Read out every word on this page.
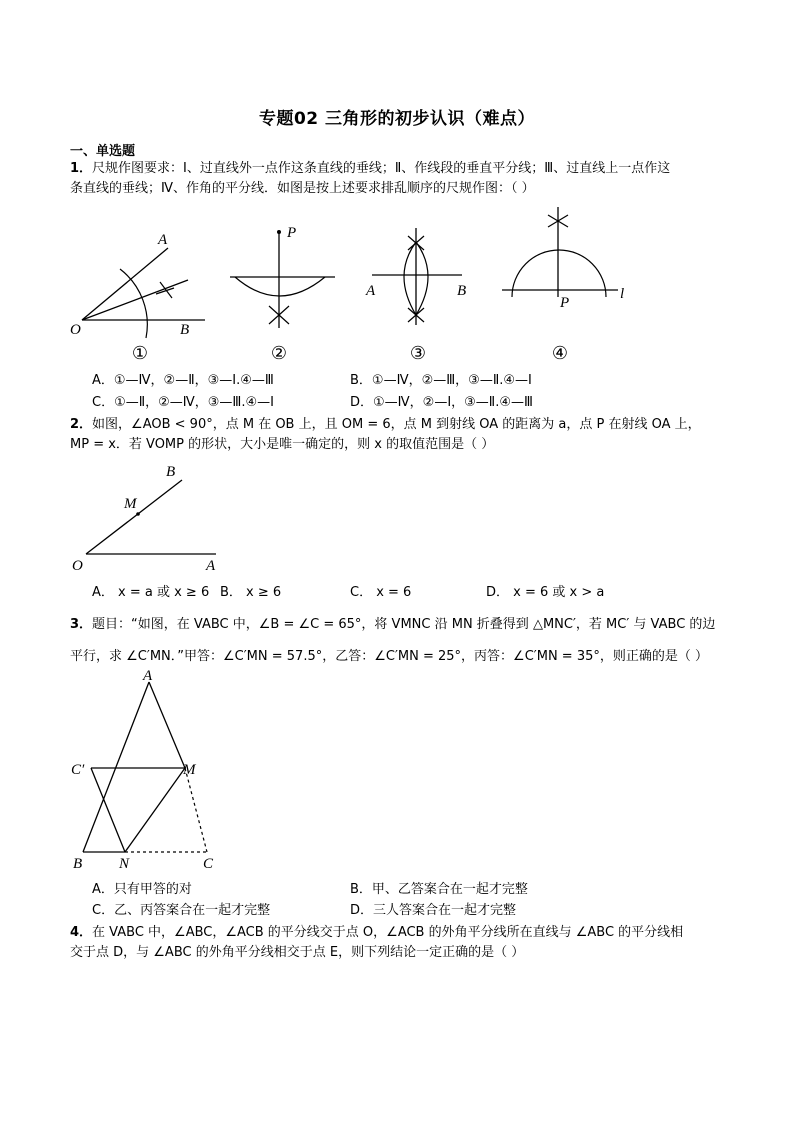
专题02 三角形的初步认识（难点）
一、单选题
1．尺规作图要求：Ⅰ、过直线外一点作这条直线的垂线；Ⅱ、作线段的垂直平分线；Ⅲ、过直线上一点作这
条直线的垂线；Ⅳ、作角的平分线．如图是按上述要求排乱顺序的尺规作图：（ ）
A
O	B
①
P
②
A	B
③
P
l
④
A．①—Ⅳ，②—Ⅱ，③—Ⅰ.④—Ⅲ	B．①—Ⅳ，②—Ⅲ，③—Ⅱ.④—Ⅰ
C．①—Ⅱ，②—Ⅳ，③—Ⅲ.④—Ⅰ	D．①—Ⅳ，②—Ⅰ，③—Ⅱ.④—Ⅲ
2．如图，∠AOB < 90°，点 M 在 OB 上，且 OM = 6，点 M 到射线 OA 的距离为 a，点 P 在射线 OA 上，
MP = x．若 VOMP 的形状，大小是唯一确定的，则 x 的取值范围是（ ）
B
M
O	A
A． x = a 或 x ≥ 6 B． x ≥ 6	C． x = 6	D． x = 6 或 x > a
3．题目：“如图，在 VABC 中，∠B = ∠C = 65°，将 VMNC 沿 MN 折叠得到 △MNC′，若 MC′ 与 VABC 的边
平行，求 ∠C′MN．”甲答：∠C′MN = 57.5°，乙答：∠C′MN = 25°，丙答：∠C′MN = 35°，则正确的是（ ）
A
C′	M
B N	C
A．只有甲答的对	B．甲、乙答案合在一起才完整
C．乙、丙答案合在一起才完整	D．三人答案合在一起才完整
4．在 VABC 中，∠ABC，∠ACB 的平分线交于点 O，∠ACB 的外角平分线所在直线与 ∠ABC 的平分线相
交于点 D，与 ∠ABC 的外角平分线相交于点 E，则下列结论一定正确的是（ ）
